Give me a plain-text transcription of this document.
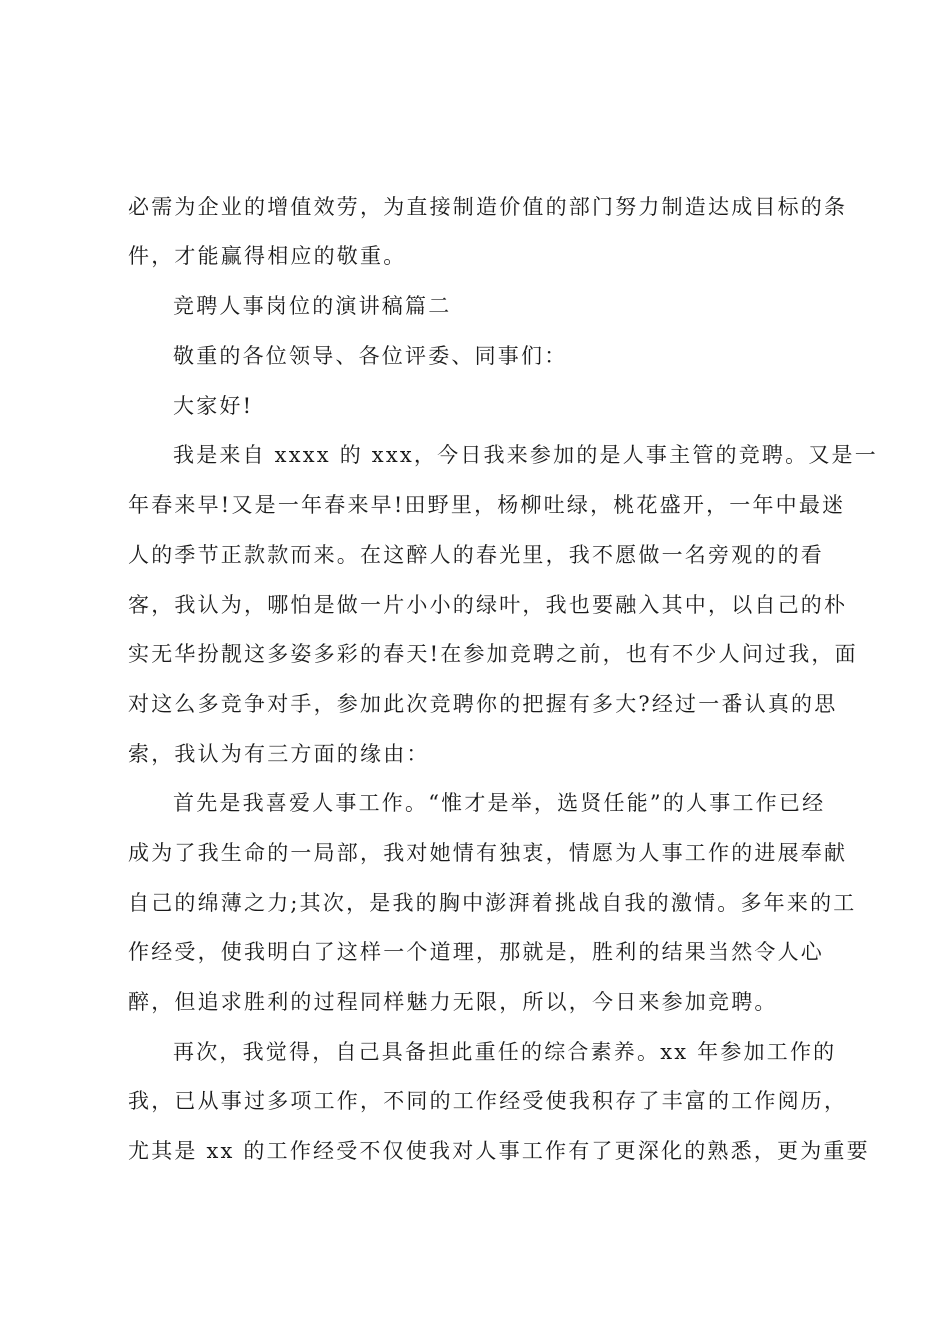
必需为企业的增值效劳，为直接制造价值的部门努力制造达成目标的条
件，才能赢得相应的敬重。
竞聘人事岗位的演讲稿篇二
敬重的各位领导、各位评委、同事们：
大家好!
我是来自 xxxx 的 xxx，今日我来参加的是人事主管的竞聘。又是一
年春来早!又是一年春来早!田野里，杨柳吐绿，桃花盛开，一年中最迷
人的季节正款款而来。在这醉人的春光里，我不愿做一名旁观的的看
客，我认为，哪怕是做一片小小的绿叶，我也要融入其中，以自己的朴
实无华扮靓这多姿多彩的春天!在参加竞聘之前，也有不少人问过我，面
对这么多竞争对手，参加此次竞聘你的把握有多大?经过一番认真的思
索，我认为有三方面的缘由：
首先是我喜爱人事工作。“惟才是举，选贤任能”的人事工作已经
成为了我生命的一局部，我对她情有独衷，情愿为人事工作的进展奉献
自己的绵薄之力;其次，是我的胸中澎湃着挑战自我的激情。多年来的工
作经受，使我明白了这样一个道理，那就是，胜利的结果当然令人心
醉，但追求胜利的过程同样魅力无限，所以，今日来参加竞聘。
再次，我觉得，自己具备担此重任的综合素养。xx 年参加工作的
我，已从事过多项工作，不同的工作经受使我积存了丰富的工作阅历，
尤其是 xx 的工作经受不仅使我对人事工作有了更深化的熟悉，更为重要
